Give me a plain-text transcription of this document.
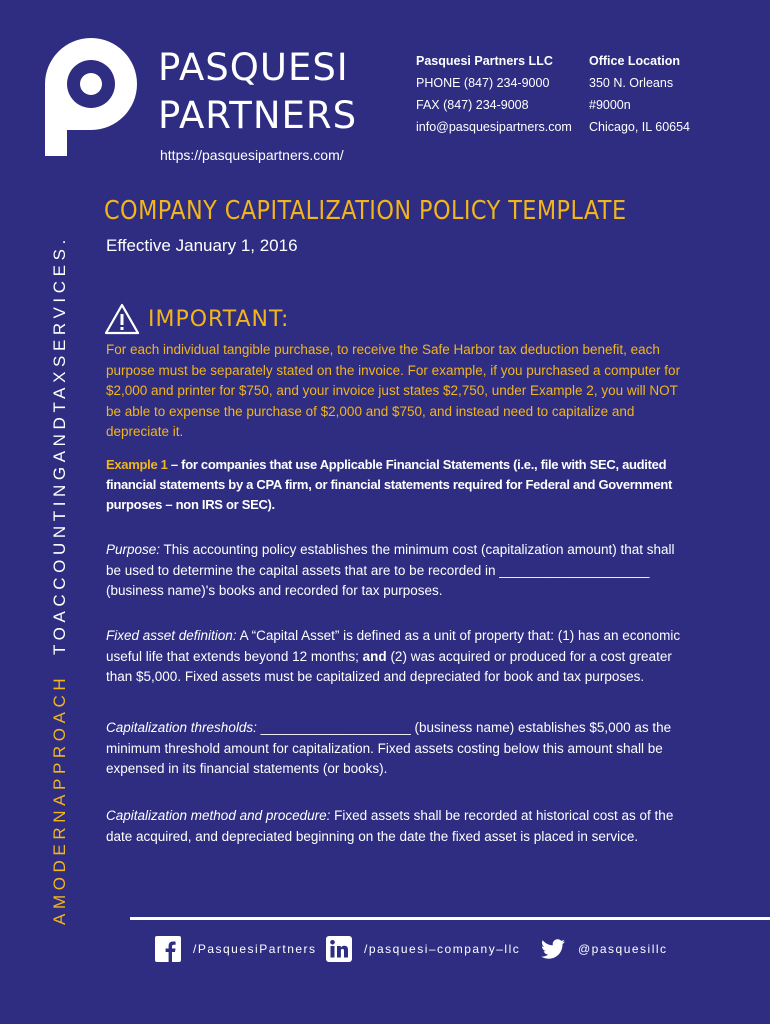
PASQUESI
PARTNERS
https://pasquesipartners.com/
Pasquesi Partners LLC
PHONE (847) 234-9000
FAX (847) 234-9008
info@pasquesipartners.com
Office Location
350 N. Orleans
#9000n
Chicago, IL 60654
AMODERNAPPROACH  TOACCOUNTINGANDTAXSERVICES.
COMPANY CAPITALIZATION POLICY TEMPLATE
Effective January 1, 2016
IMPORTANT:
For each individual tangible purchase, to receive the Safe Harbor tax deduction benefit, each purpose must be separately stated on the invoice. For example, if you purchased a computer for $2,000 and printer for $750, and your invoice just states $2,750, under Example 2, you will NOT be able to expense the purchase of $2,000 and $750, and instead need to capitalize and depreciate it.
Example 1 – for companies that use Applicable Financial Statements (i.e., file with SEC, audited financial statements by a CPA firm, or financial statements required for Federal and Government purposes – non IRS or SEC).
Purpose: This accounting policy establishes the minimum cost (capitalization amount) that shall be used to determine the capital assets that are to be recorded in ____________________ (business name)'s books and recorded for tax purposes.
Fixed asset definition: A “Capital Asset” is defined as a unit of property that: (1) has an economic useful life that extends beyond 12 months; and (2) was acquired or produced for a cost greater than $5,000. Fixed assets must be capitalized and depreciated for book and tax purposes.
Capitalization thresholds: ____________________ (business name) establishes $5,000 as the minimum threshold amount for capitalization. Fixed assets costing below this amount shall be expensed in its financial statements (or books).
Capitalization method and procedure: Fixed assets shall be recorded at historical cost as of the date acquired, and depreciated beginning on the date the fixed asset is placed in service.
/PasquesiPartners	/pasquesi–company–llc	@pasquesillc
